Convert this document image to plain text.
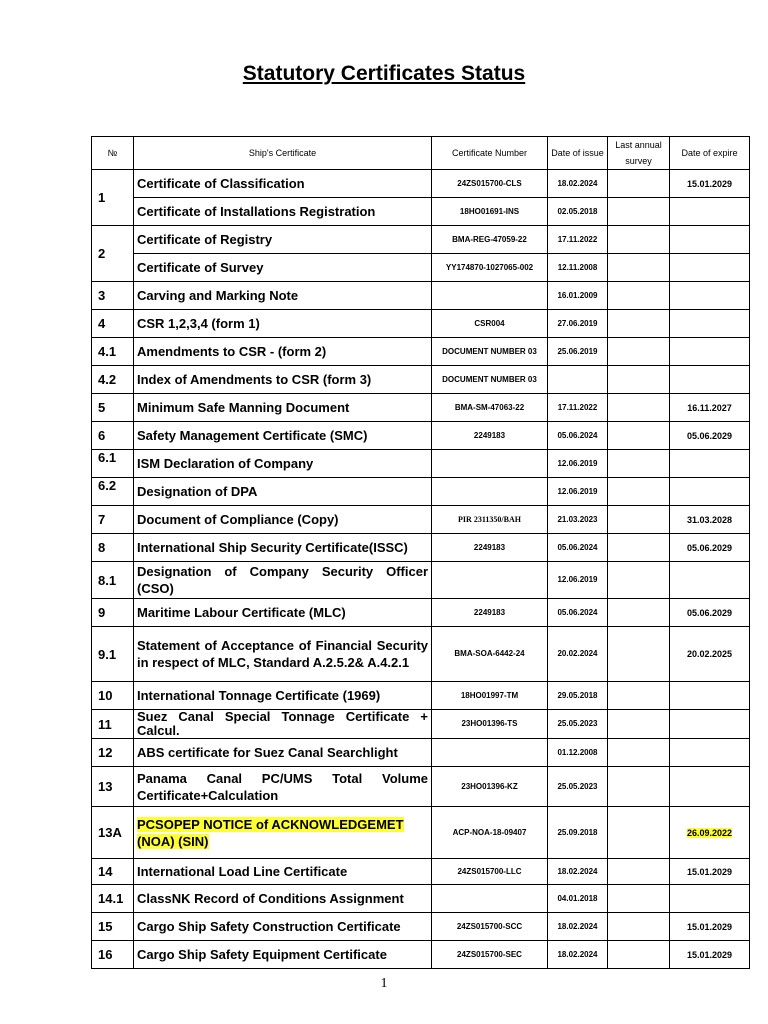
Statutory Certificates Status
№	Ship's Certificate	Certificate Number	Date of issue	Last annual survey	Date of expire
1	Certificate of Classification	24ZS015700-CLS	18.02.2024		15.01.2029
	Certificate of Installations Registration	18HO01691-INS	02.05.2018		
2	Certificate of Registry	BMA-REG-47059-22	17.11.2022		
	Certificate of Survey	YY174870-1027065-002	12.11.2008		
3	Carving and Marking Note		16.01.2009		
4	CSR 1,2,3,4 (form 1)	CSR004	27.06.2019		
4.1	Amendments to CSR - (form 2)	DOCUMENT NUMBER 03	25.06.2019		
4.2	Index of Amendments to CSR (form 3)	DOCUMENT NUMBER 03			
5	Minimum Safe Manning Document	BMA-SM-47063-22	17.11.2022		16.11.2027
6	Safety Management Certificate (SMC)	2249183	05.06.2024		05.06.2029
6.1	ISM Declaration of Company		12.06.2019		
6.2	Designation of DPA		12.06.2019		
7	Document of Compliance (Copy)	PIR 2311350/BAH	21.03.2023		31.03.2028
8	International Ship Security Certificate(ISSC)	2249183	05.06.2024		05.06.2029
8.1	Designation of Company Security Officer (CSO)		12.06.2019		
9	Maritime Labour Certificate (MLC)	2249183	05.06.2024		05.06.2029
9.1	Statement of Acceptance of Financial Security in respect of MLC, Standard A.2.5.2& A.4.2.1	BMA-SOA-6442-24	20.02.2024		20.02.2025
10	International Tonnage Certificate (1969)	18HO01997-TM	29.05.2018		
11	Suez Canal Special Tonnage Certificate + Calcul.	23HO01396-TS	25.05.2023		
12	ABS certificate for Suez Canal Searchlight		01.12.2008		
13	Panama Canal PC/UMS Total Volume Certificate+Calculation	23HO01396-KZ	25.05.2023		
13A	PCSOPEP NOTICE of ACKNOWLEDGEMET (NOA) (SIN)	ACP-NOA-18-09407	25.09.2018		26.09.2022
14	International Load Line Certificate	24ZS015700-LLC	18.02.2024		15.01.2029
14.1	ClassNK Record of Conditions Assignment		04.01.2018		
15	Cargo Ship Safety Construction Certificate	24ZS015700-SCC	18.02.2024		15.01.2029
16	Cargo Ship Safety Equipment Certificate	24ZS015700-SEC	18.02.2024		15.01.2029
1
